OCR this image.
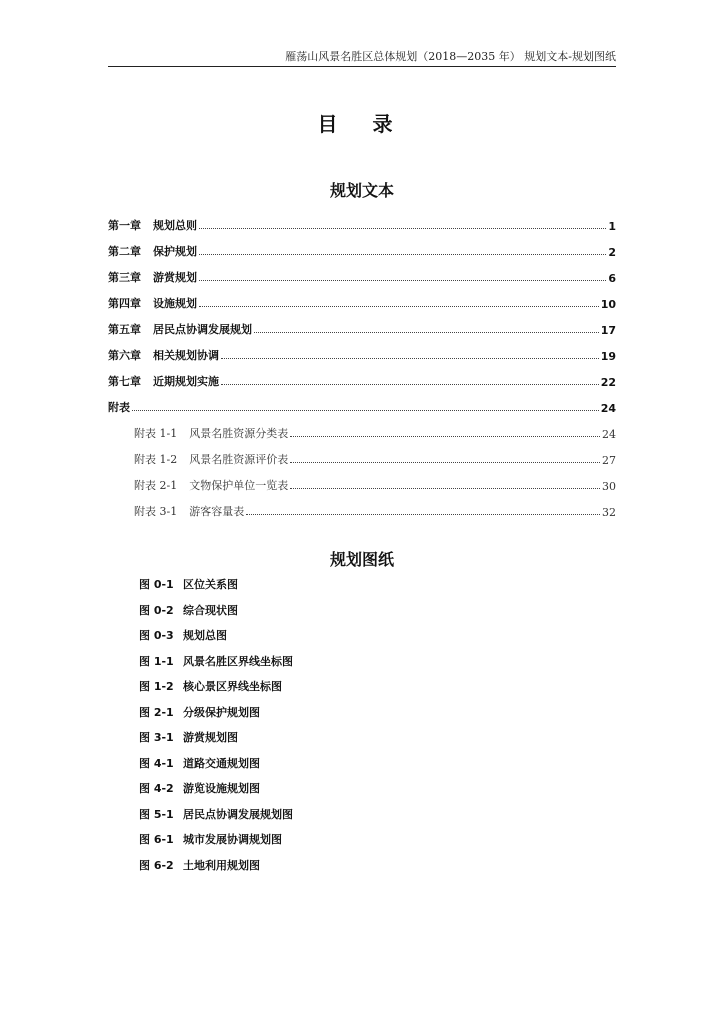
雁荡山风景名胜区总体规划（2018—2035 年） 规划文本-规划图纸
目 录
规划文本
第一章 规划总则	1
第二章 保护规划	2
第三章 游赏规划	6
第四章 设施规划	10
第五章 居民点协调发展规划	17
第六章 相关规划协调	19
第七章 近期规划实施	22
附表	24
附表 1-1 风景名胜资源分类表	24
附表 1-2 风景名胜资源评价表	27
附表 2-1 文物保护单位一览表	30
附表 3-1 游客容量表	32
规划图纸
图 0-1 区位关系图
图 0-2 综合现状图
图 0-3 规划总图
图 1-1 风景名胜区界线坐标图
图 1-2 核心景区界线坐标图
图 2-1 分级保护规划图
图 3-1 游赏规划图
图 4-1 道路交通规划图
图 4-2 游览设施规划图
图 5-1 居民点协调发展规划图
图 6-1 城市发展协调规划图
图 6-2 土地利用规划图
